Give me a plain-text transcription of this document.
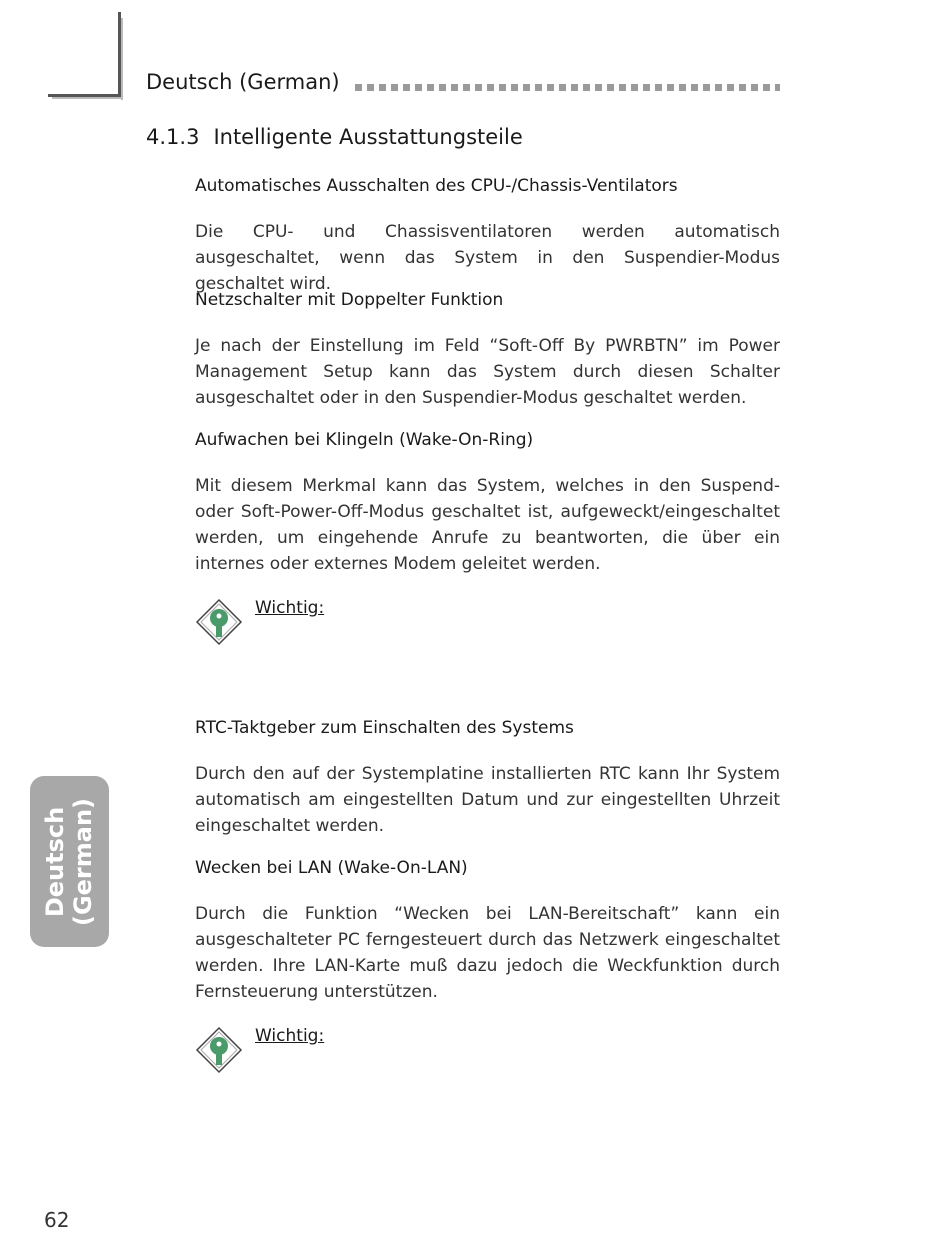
Deutsch (German)
4.1.3 Intelligente Ausstattungsteile

Automatisches Ausschalten des CPU-/Chassis-Ventilators

Die CPU- und Chassisventilatoren werden automatisch ausgeschaltet, wenn das System in den Suspendier-Modus geschaltet wird.

Netzschalter mit Doppelter Funktion

Je nach der Einstellung im Feld “Soft-Off By PWRBTN” im Power Management Setup kann das System durch diesen Schalter ausgeschaltet oder in den Suspendier-Modus geschaltet werden.

Aufwachen bei Klingeln (Wake-On-Ring)

Mit diesem Merkmal kann das System, welches in den Suspend- oder Soft-Power-Off-Modus geschaltet ist, aufgeweckt/eingeschaltet werden, um eingehende Anrufe zu beantworten, die über ein internes oder externes Modem geleitet werden.

Wichtig:

RTC-Taktgeber zum Einschalten des Systems

Durch den auf der Systemplatine installierten RTC kann Ihr System automatisch am eingestellten Datum und zur eingestellten Uhrzeit eingeschaltet werden.

Wecken bei LAN (Wake-On-LAN)

Durch die Funktion “Wecken bei LAN-Bereitschaft” kann ein ausgeschalteter PC ferngesteuert durch das Netzwerk eingeschaltet werden. Ihre LAN-Karte muß dazu jedoch die Weckfunktion durch Fernsteuerung unterstützen.

Wichtig:
Deutsch (German)
62
